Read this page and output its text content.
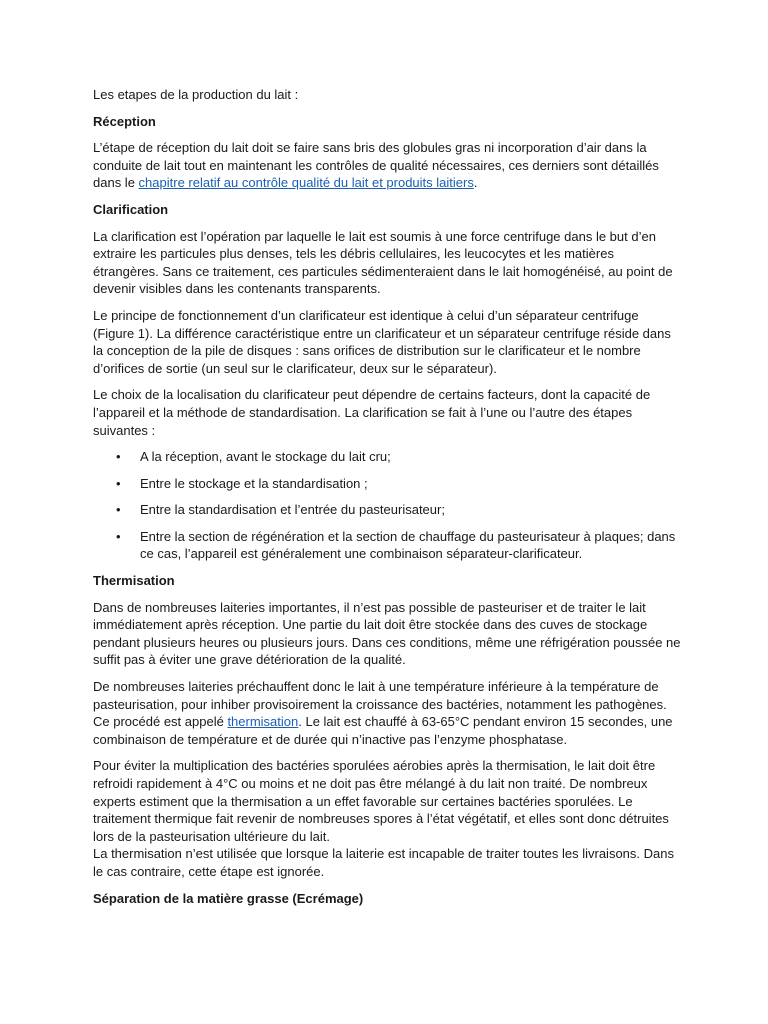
Les etapes de la production du lait :

Réception

L’étape de réception du lait doit se faire sans bris des globules gras ni incorporation d’air dans la conduite de lait tout en maintenant les contrôles de qualité nécessaires, ces derniers sont détaillés dans le chapitre relatif au contrôle qualité du lait et produits laitiers.

Clarification

La clarification est l’opération par laquelle le lait est soumis à une force centrifuge dans le but d’en extraire les particules plus denses, tels les débris cellulaires, les leucocytes et les matières étrangères. Sans ce traitement, ces particules sédimenteraient dans le lait homogénéisé, au point de devenir visibles dans les contenants transparents.

Le principe de fonctionnement d’un clarificateur est identique à celui d’un séparateur centrifuge (Figure 1). La différence caractéristique entre un clarificateur et un séparateur centrifuge réside dans la conception de la pile de disques : sans orifices de distribution sur le clarificateur et le nombre d’orifices de sortie (un seul sur le clarificateur, deux sur le séparateur).

Le choix de la localisation du clarificateur peut dépendre de certains facteurs, dont la capacité de l’appareil et la méthode de standardisation. La clarification se fait à l’une ou l’autre des étapes suivantes :

• A la réception, avant le stockage du lait cru;
• Entre le stockage et la standardisation ;
• Entre la standardisation et l’entrée du pasteurisateur;
• Entre la section de régénération et la section de chauffage du pasteurisateur à plaques; dans ce cas, l’appareil est généralement une combinaison séparateur-clarificateur.

Thermisation

Dans de nombreuses laiteries importantes, il n’est pas possible de pasteuriser et de traiter le lait immédiatement après réception. Une partie du lait doit être stockée dans des cuves de stockage pendant plusieurs heures ou plusieurs jours. Dans ces conditions, même une réfrigération poussée ne suffit pas à éviter une grave détérioration de la qualité.

De nombreuses laiteries préchauffent donc le lait à une température inférieure à la température de pasteurisation, pour inhiber provisoirement la croissance des bactéries, notamment les pathogènes. Ce procédé est appelé thermisation. Le lait est chauffé à 63-65°C pendant environ 15 secondes, une combinaison de température et de durée qui n’inactive pas l’enzyme phosphatase.

Pour éviter la multiplication des bactéries sporulées aérobies après la thermisation, le lait doit être refroidi rapidement à 4°C ou moins et ne doit pas être mélangé à du lait non traité. De nombreux experts estiment que la thermisation a un effet favorable sur certaines bactéries sporulées. Le traitement thermique fait revenir de nombreuses spores à l’état végétatif, et elles sont donc détruites lors de la pasteurisation ultérieure du lait.
La thermisation n’est utilisée que lorsque la laiterie est incapable de traiter toutes les livraisons. Dans le cas contraire, cette étape est ignorée.

Séparation de la matière grasse (Ecrémage)
